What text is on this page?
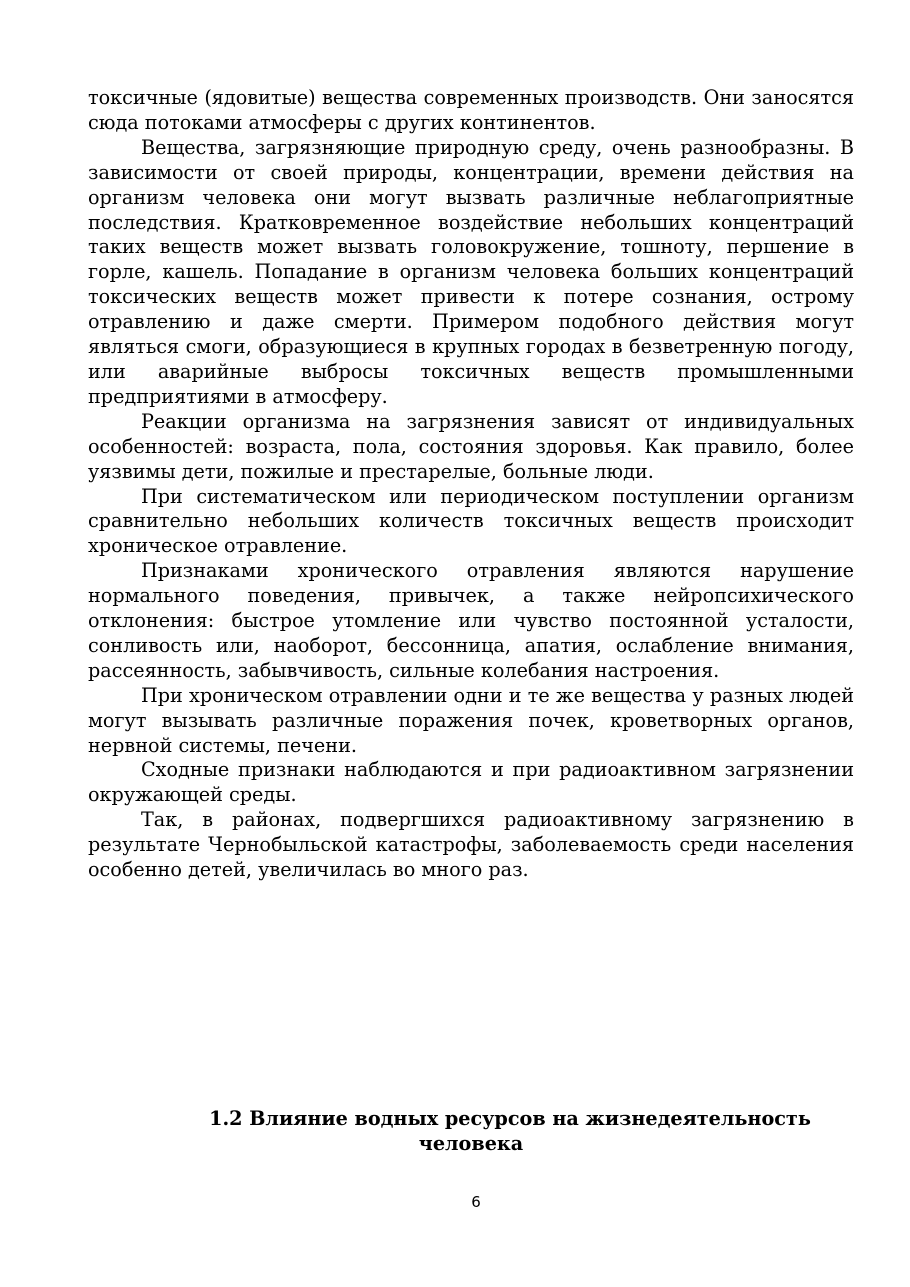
токсичные (ядовитые) вещества современных производств. Они заносятся сюда потоками атмосферы с других континентов.

Вещества, загрязняющие природную среду, очень разнообразны. В зависимости от своей природы, концентрации, времени действия на организм человека они могут вызвать различные неблагоприятные последствия. Кратковременное воздействие небольших концентраций таких веществ может вызвать головокружение, тошноту, першение в горле, кашель. Попадание в организм человека больших концентраций токсических веществ может привести к потере сознания, острому отравлению и даже смерти. Примером подобного действия могут являться смоги, образующиеся в крупных городах в безветренную погоду, или аварийные выбросы токсичных веществ промышленными предприятиями в атмосферу.

Реакции организма на загрязнения зависят от индивидуальных особенностей: возраста, пола, состояния здоровья. Как правило, более уязвимы дети, пожилые и престарелые, больные люди.

При систематическом или периодическом поступлении организм сравнительно небольших количеств токсичных веществ происходит хроническое отравление.

Признаками хронического отравления являются нарушение нормального поведения, привычек, а также нейропсихического отклонения: быстрое утомление или чувство постоянной усталости, сонливость или, наоборот, бессонница, апатия, ослабление внимания, рассеянность, забывчивость, сильные колебания настроения.

При хроническом отравлении одни и те же вещества у разных людей могут вызывать различные поражения почек, кроветворных органов, нервной системы, печени.

Сходные признаки наблюдаются и при радиоактивном загрязнении окружающей среды.

Так, в районах, подвергшихся радиоактивному загрязнению в результате Чернобыльской катастрофы, заболеваемость среди населения особенно детей, увеличилась во много раз.

1.2 Влияние водных ресурсов на жизнедеятельность
человека
6
